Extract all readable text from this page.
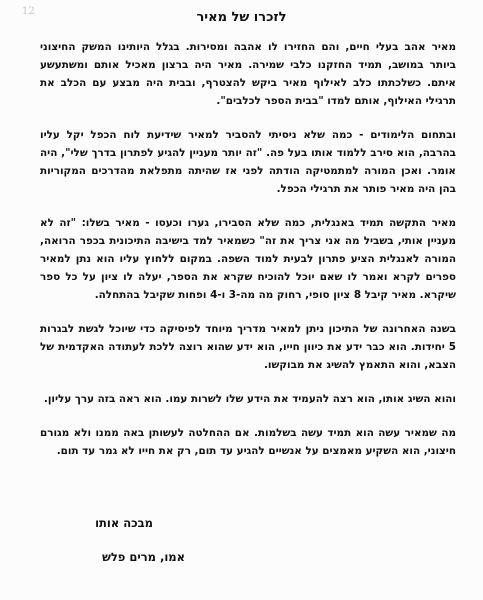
12	לזכרו של מאיר

מאיר אהב בעלי חיים, והם החזירו לו אהבה ומסירות. בגלל היותינו המשק החיצוני ביותר במושב, תמיד החזקנו כלבי שמירה. מאיר היה ברצון מאכיל אותם ומשתעשע איתם. כשלכתתו כלב לאילוף מאיר ביקש להצטרף, ובבית היה מבצע עם הכלב את תרגילי האילוף, אותם למדו "בבית הספר לכלבים".

ובתחום הלימודים - כמה שלא ניסיתי להסביר למאיר שידיעת לוח הכפל יקל עליו בהרבה, הוא סירב ללמוד אותו בעל פה. "זה יותר מעניין להגיע לפתרון בדרך שלי", היה אומר. ואכן המורה למתמטיקה הודתה לפני אז שהיתה מתפלאת מהדרכים המקוריות בהן היה מאיר פותר את תרגילי הכפל.

מאיר התקשה תמיד באנגלית, כמה שלא הסבירו, גערו וכעסו - מאיר בשלו: "זה לא מעניין אותי, בשביל מה אני צריך את זה" כשמאיר למד בישיבה התיכונית בכפר הרואה, המורה לאנגלית הציע פתרון לבעית למוד השפה. במקום ללחוץ עליו הוא נתן למאיר ספרים לקרא ואמר לו שאם יוכל להוכיח שקרא את הספר, יעלה לו ציון על כל ספר שיקרא. מאיר קיבל 8 ציון סופי, רחוק מה מה-3 ו-4 ופחות שקיבל בהתחלה.

בשנה האחרונה של התיכון ניתן למאיר מדריך מיוחד לפיסיקה כדי שיוכל לגשת לבגרות 5 יחידות. הוא כבר ידע את כיוון חייו, הוא ידע שהוא רוצה ללכת לעתודה האקדמית של הצבא, והוא התאמץ להשיג את מבוקשו.

והוא השיג אותו, הוא רצה להעמיד את הידע שלו לשרות עמו. הוא ראה בזה ערך עליון.

מה שמאיר עשה הוא תמיד עשה בשלמות. אם ההחלטה לעשותן באה ממנו ולא מגורם חיצוני, הוא השקיע מאמצים על אנשיים להגיע עד תום, רק את חייו לא גמר עד תום.

מבכה אותו
אמו, מרים פלש
